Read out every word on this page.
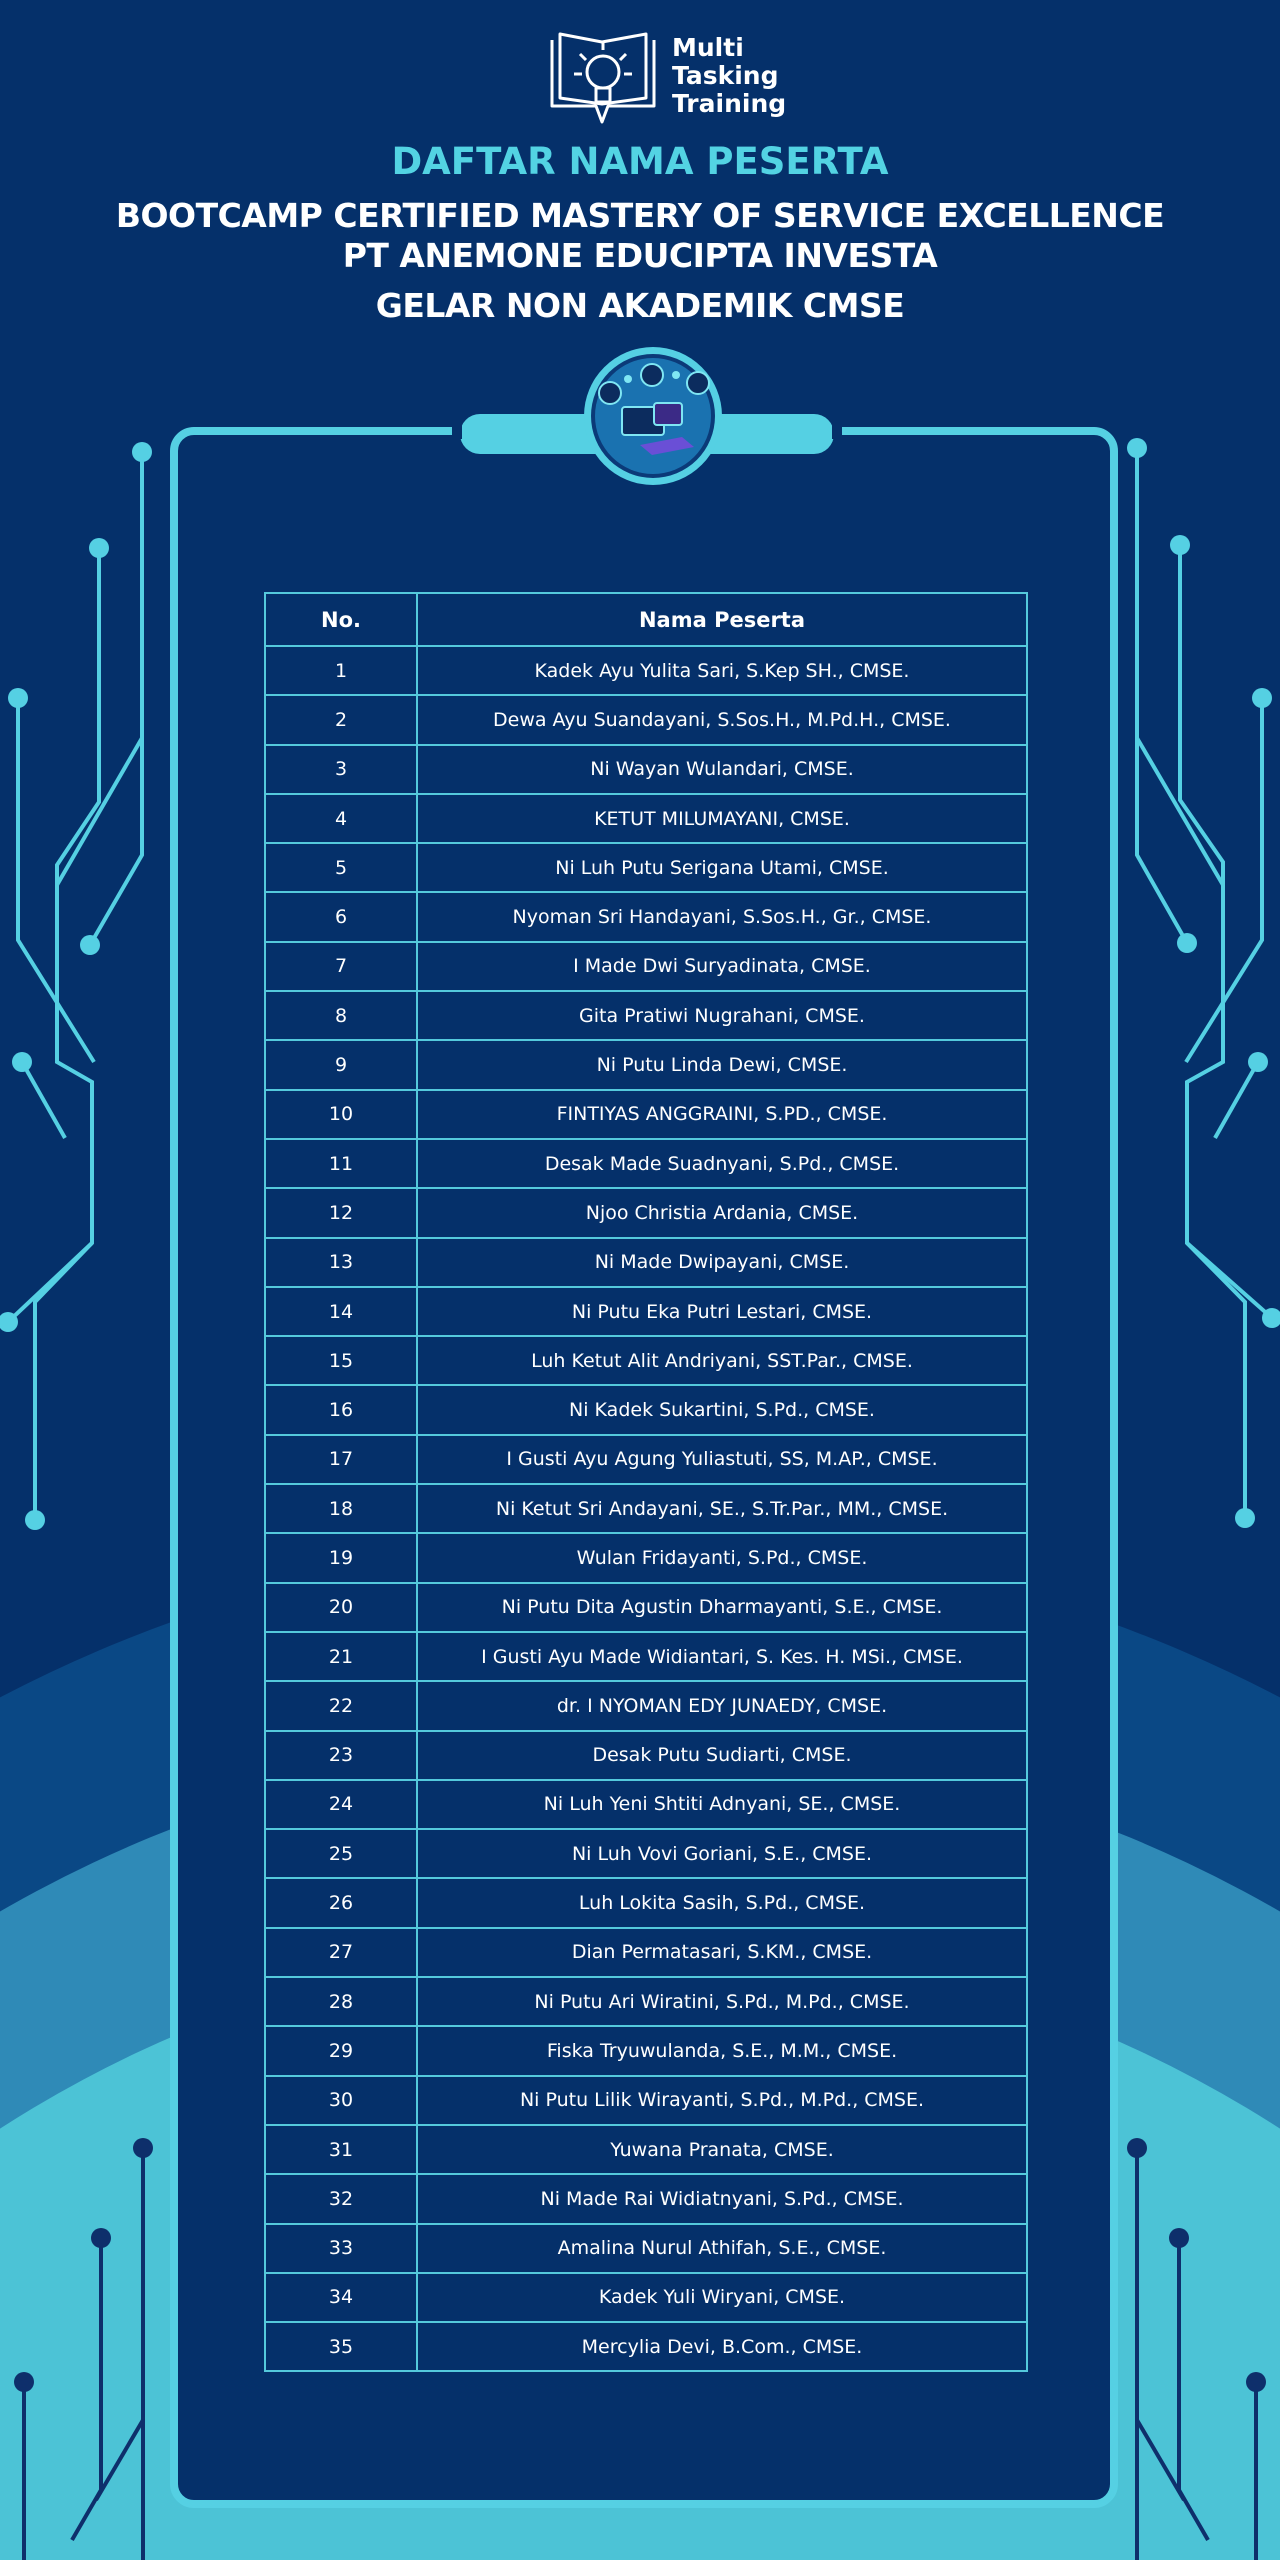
Multi
Tasking
Training
DAFTAR NAMA PESERTA
BOOTCAMP CERTIFIED MASTERY OF SERVICE EXCELLENCE
PT ANEMONE EDUCIPTA INVESTA
GELAR NON AKADEMIK CMSE
No.	Nama Peserta
1	Kadek Ayu Yulita Sari, S.Kep SH., CMSE.
2	Dewa Ayu Suandayani, S.Sos.H., M.Pd.H., CMSE.
3	Ni Wayan Wulandari, CMSE.
4	KETUT MILUMAYANI, CMSE.
5	Ni Luh Putu Serigana Utami, CMSE.
6	Nyoman Sri Handayani, S.Sos.H., Gr., CMSE.
7	I Made Dwi Suryadinata, CMSE.
8	Gita Pratiwi Nugrahani, CMSE.
9	Ni Putu Linda Dewi, CMSE.
10	FINTIYAS ANGGRAINI, S.PD., CMSE.
11	Desak Made Suadnyani, S.Pd., CMSE.
12	Njoo Christia Ardania, CMSE.
13	Ni Made Dwipayani, CMSE.
14	Ni Putu Eka Putri Lestari, CMSE.
15	Luh Ketut Alit Andriyani, SST.Par., CMSE.
16	Ni Kadek Sukartini, S.Pd., CMSE.
17	I Gusti Ayu Agung Yuliastuti, SS, M.AP., CMSE.
18	Ni Ketut Sri Andayani, SE., S.Tr.Par., MM., CMSE.
19	Wulan Fridayanti, S.Pd., CMSE.
20	Ni Putu Dita Agustin Dharmayanti, S.E., CMSE.
21	I Gusti Ayu Made Widiantari, S. Kes. H. MSi., CMSE.
22	dr. I NYOMAN EDY JUNAEDY, CMSE.
23	Desak Putu Sudiarti, CMSE.
24	Ni Luh Yeni Shtiti Adnyani, SE., CMSE.
25	Ni Luh Vovi Goriani, S.E., CMSE.
26	Luh Lokita Sasih, S.Pd., CMSE.
27	Dian Permatasari, S.KM., CMSE.
28	Ni Putu Ari Wiratini, S.Pd., M.Pd., CMSE.
29	Fiska Tryuwulanda, S.E., M.M., CMSE.
30	Ni Putu Lilik Wirayanti, S.Pd., M.Pd., CMSE.
31	Yuwana Pranata, CMSE.
32	Ni Made Rai Widiatnyani, S.Pd., CMSE.
33	Amalina Nurul Athifah, S.E., CMSE.
34	Kadek Yuli Wiryani, CMSE.
35	Mercylia Devi, B.Com., CMSE.
